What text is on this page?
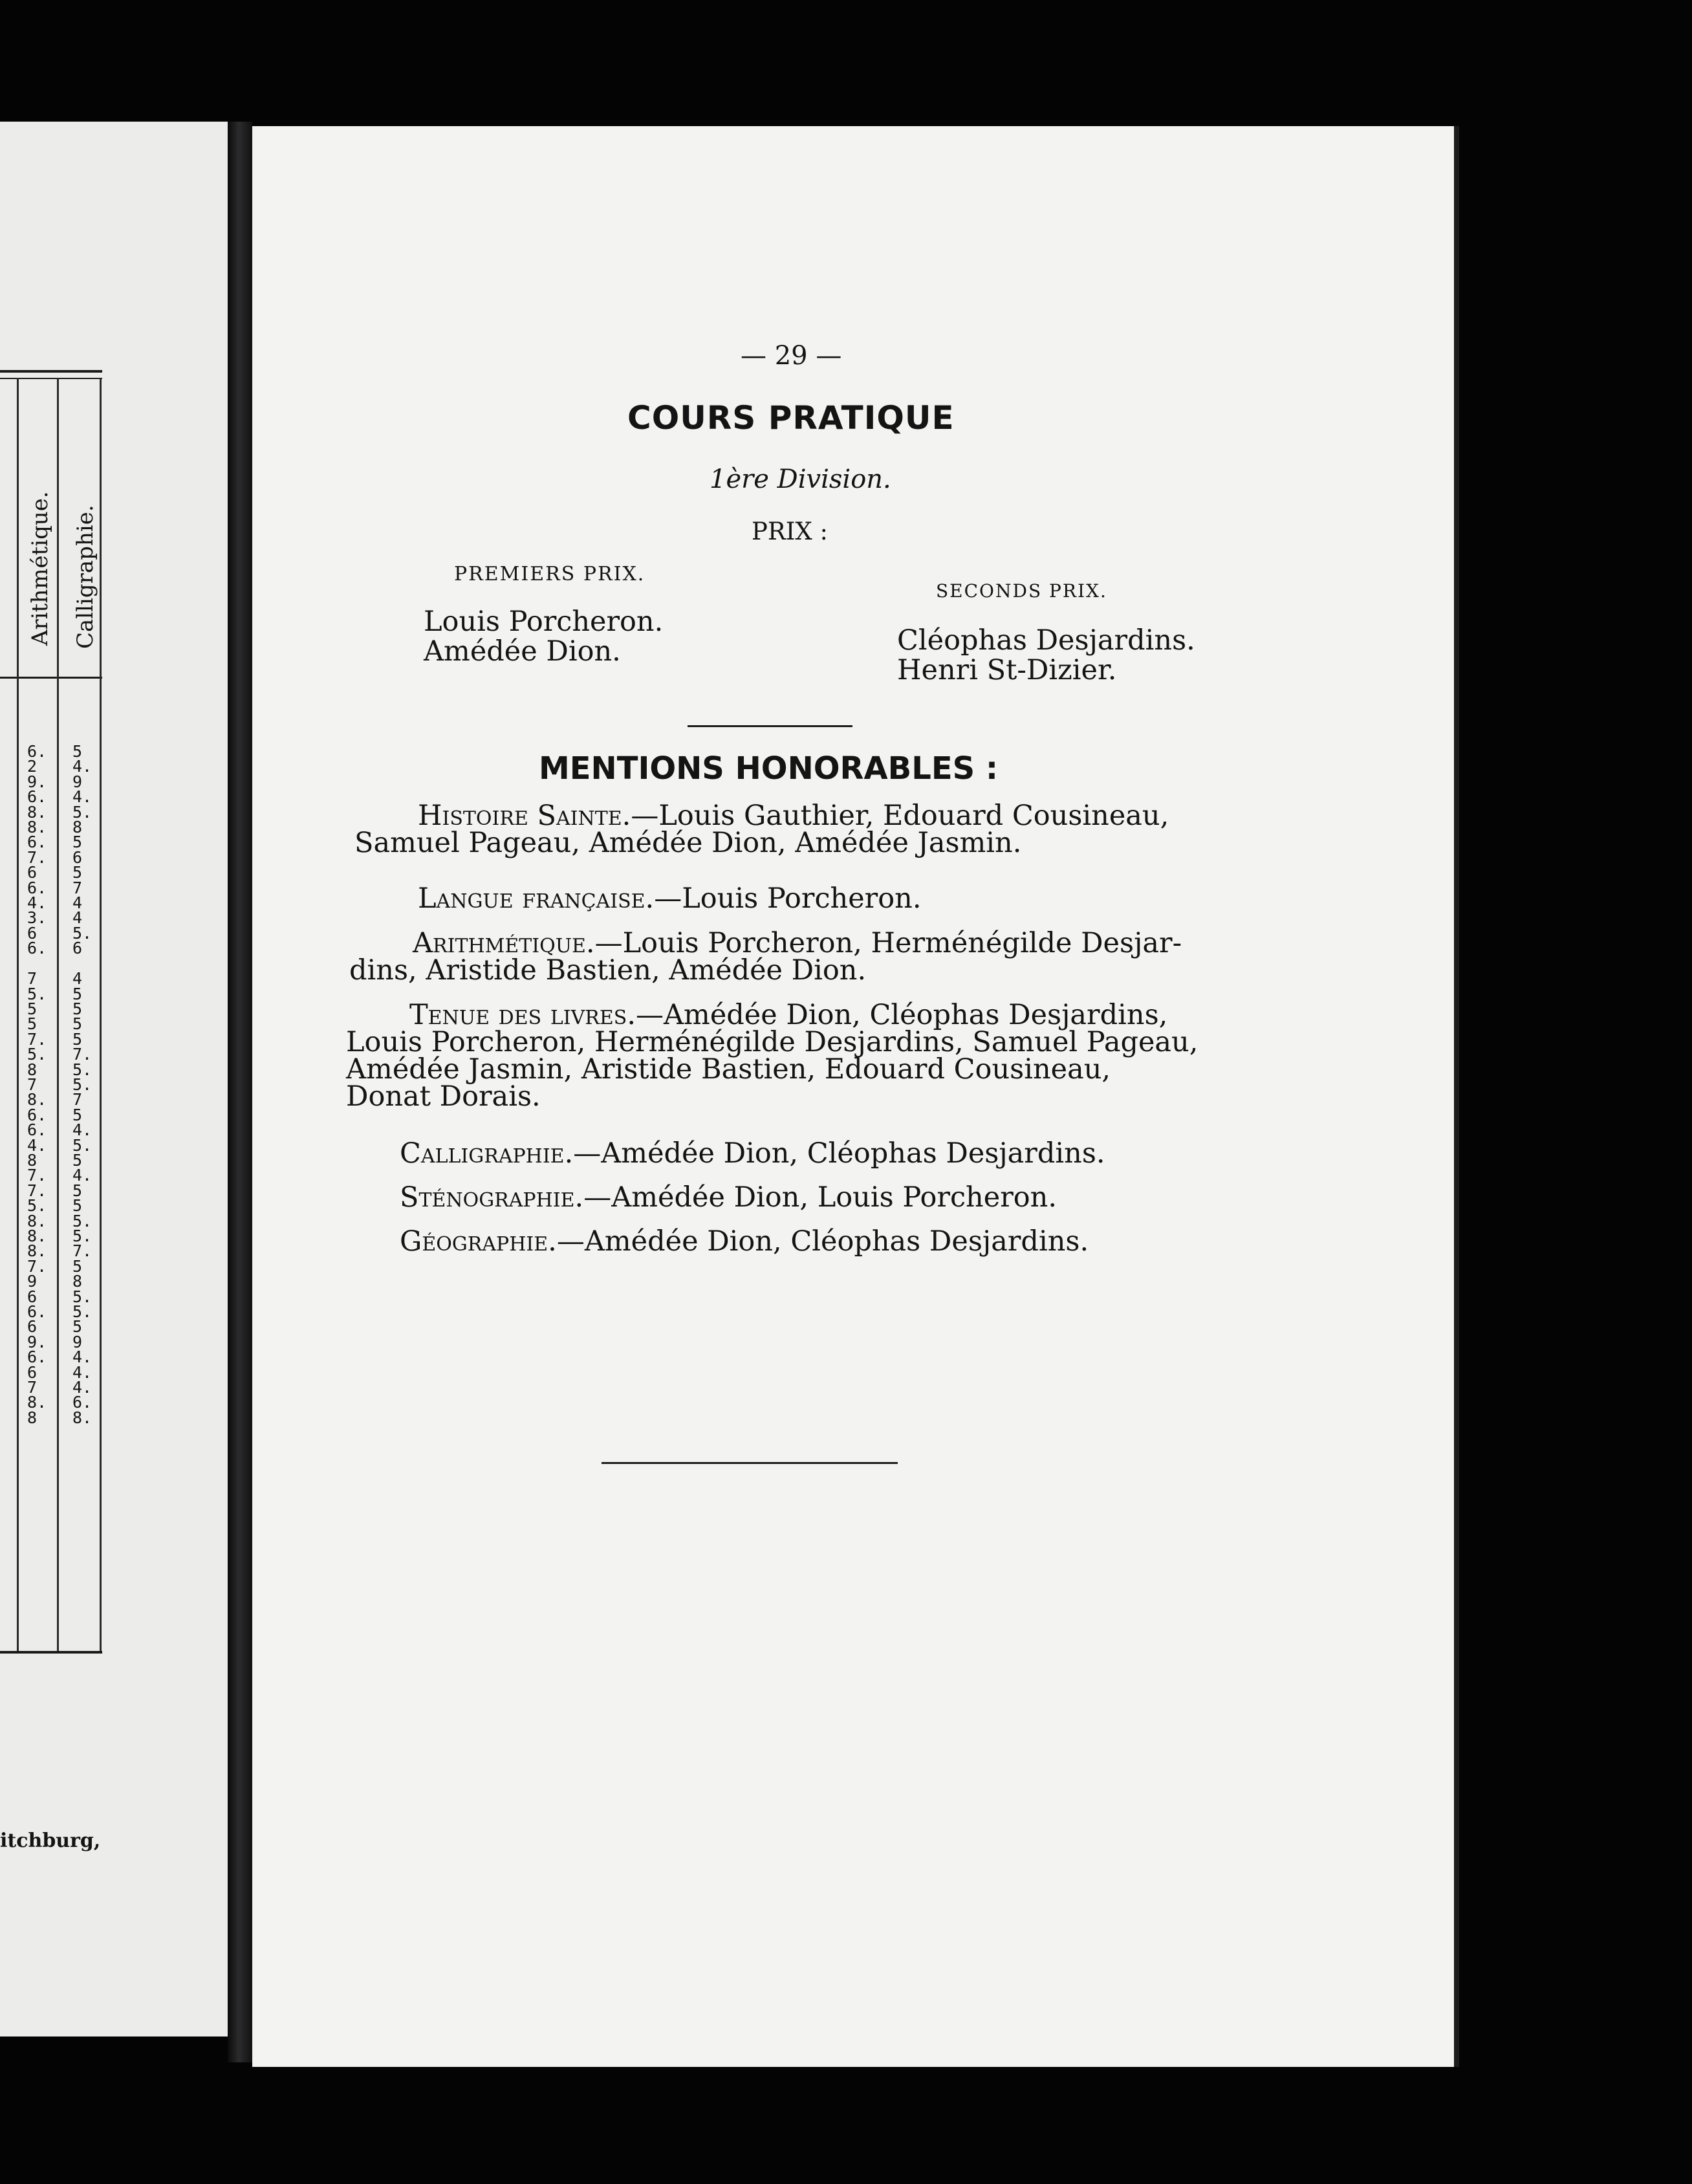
Arithmétique. Calligraphie.
6.
2
9.
6.
8.
8.
6.
7.
6
6.
4.
3.
6
6.

7
5.
5
5
7.
5.
8
7
8.
6.
6.
4.
8
7.
7.
5.
8.
8.
8.
7.
9
6
6.
6
9.
6.
6
7
8.
8
5
4.
9
4.
5.
8
5
6
5
7
4
4
5.
6

4
5
5
5
5
7.
5.
5.
7
5
4.
5.
5
4.
5
5
5.
5.
7.
5
8
5.
5.
5
9
4.
4.
4.
6.
8.
itchburg,
— 29 —
COURS PRATIQUE
1ère Division.
PRIX :
PREMIERS PRIX.
Louis Porcheron.
Amédée Dion.
SECONDS PRIX.
Cléophas Desjardins.
Henri St-Dizier.
MENTIONS HONORABLES :
Histoire Sainte.—Louis Gauthier, Edouard Cousineau,
Samuel Pageau, Amédée Dion, Amédée Jasmin.
Langue française.—Louis Porcheron.
Arithmétique.—Louis Porcheron, Herménégilde Desjar-
dins, Aristide Bastien, Amédée Dion.
Tenue des livres.—Amédée Dion, Cléophas Desjardins,
Louis Porcheron, Herménégilde Desjardins, Samuel Pageau,
Amédée Jasmin, Aristide Bastien, Edouard Cousineau,
Donat Dorais.
Calligraphie.—Amédée Dion, Cléophas Desjardins.
Sténographie.—Amédée Dion, Louis Porcheron.
Géographie.—Amédée Dion, Cléophas Desjardins.
